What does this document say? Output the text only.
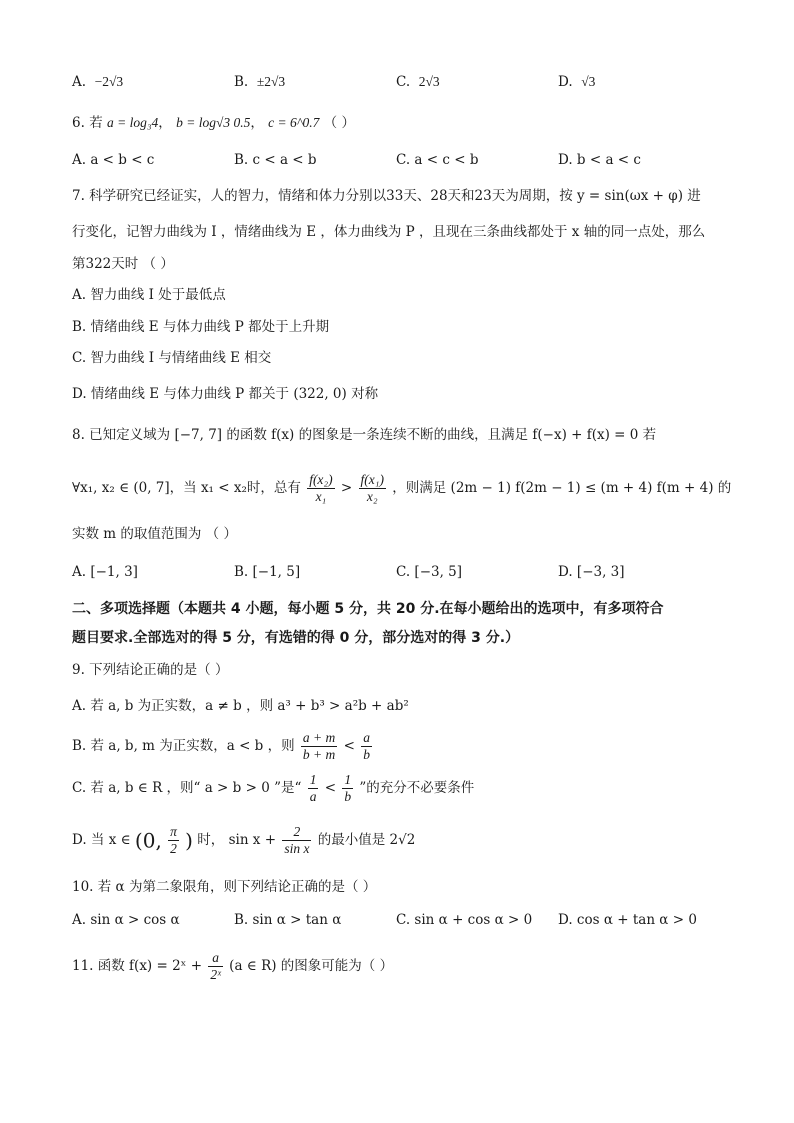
A. −2√3	B. ±2√3	C. 2√3	D. √3
6. 若 a = log₃4， b = log√3 0.5， c = 6^0.7 （ ）
A. a < b < c	B. c < a < b	C. a < c < b	D. b < a < c
7. 科学研究已经证实，人的智力，情绪和体力分别以33天、28天和23天为周期，按 y = sin(ωx + φ) 进
行变化，记智力曲线为 I ，情绪曲线为 E ，体力曲线为 P ，且现在三条曲线都处于 x 轴的同一点处，那么
第322天时 （ ）
A. 智力曲线 I 处于最低点
B. 情绪曲线 E 与体力曲线 P 都处于上升期
C. 智力曲线 I 与情绪曲线 E 相交
D. 情绪曲线 E 与体力曲线 P 都关于 (322, 0) 对称
8. 已知定义域为 [−7, 7] 的函数 f(x) 的图象是一条连续不断的曲线，且满足 f(−x) + f(x) = 0 若
∀x₁, x₂ ∈ (0, 7]，当 x₁ < x₂时，总有 $\frac{\text{f(x₂)}}{\text{x₁}} > \frac{\text{f(x₁)}}{\text{x₂}}$ ，则满足 (2m − 1) f(2m − 1) ≤ (m + 4) f(m + 4) 的
实数 m 的取值范围为 （ ）
A. [−1, 3]	B. [−1, 5]	C. [−3, 5]	D. [−3, 3]
二、多项选择题（本题共 4 小题，每小题 5 分，共 20 分.在每小题给出的选项中，有多项符合
题目要求.全部选对的得 5 分，有选错的得 0 分，部分选对的得 3 分.）
9. 下列结论正确的是（ ）
A. 若 a, b 为正实数，a ≠ b ，则 a³ + b³ > a²b + ab²
B. 若 a, b, m 为正实数，a < b ，则 $\frac{a + m}{b + m} < \frac{a}{b}$
C. 若 a, b ∈ R ，则“ a > b > 0 ”是“ $\frac{1}{a} < \frac{1}{b}$ ”的充分不必要条件
D. 当 x ∈ (0, $\frac{\pi}{2}$ ) 时， $\sin x + \frac{2}{\text{sin x}}$ 的最小值是 2√2
10. 若 α 为第二象限角，则下列结论正确的是（ ）
A. sin α > cos α	B. sin α > tan α	C. sin α + cos α > 0 D. cos α + tan α > 0
11. 函数 f(x) = 2ˣ + $\frac{a}{\text{2ˣ}} (a$ ∈ R) 的图象可能为（ ）
